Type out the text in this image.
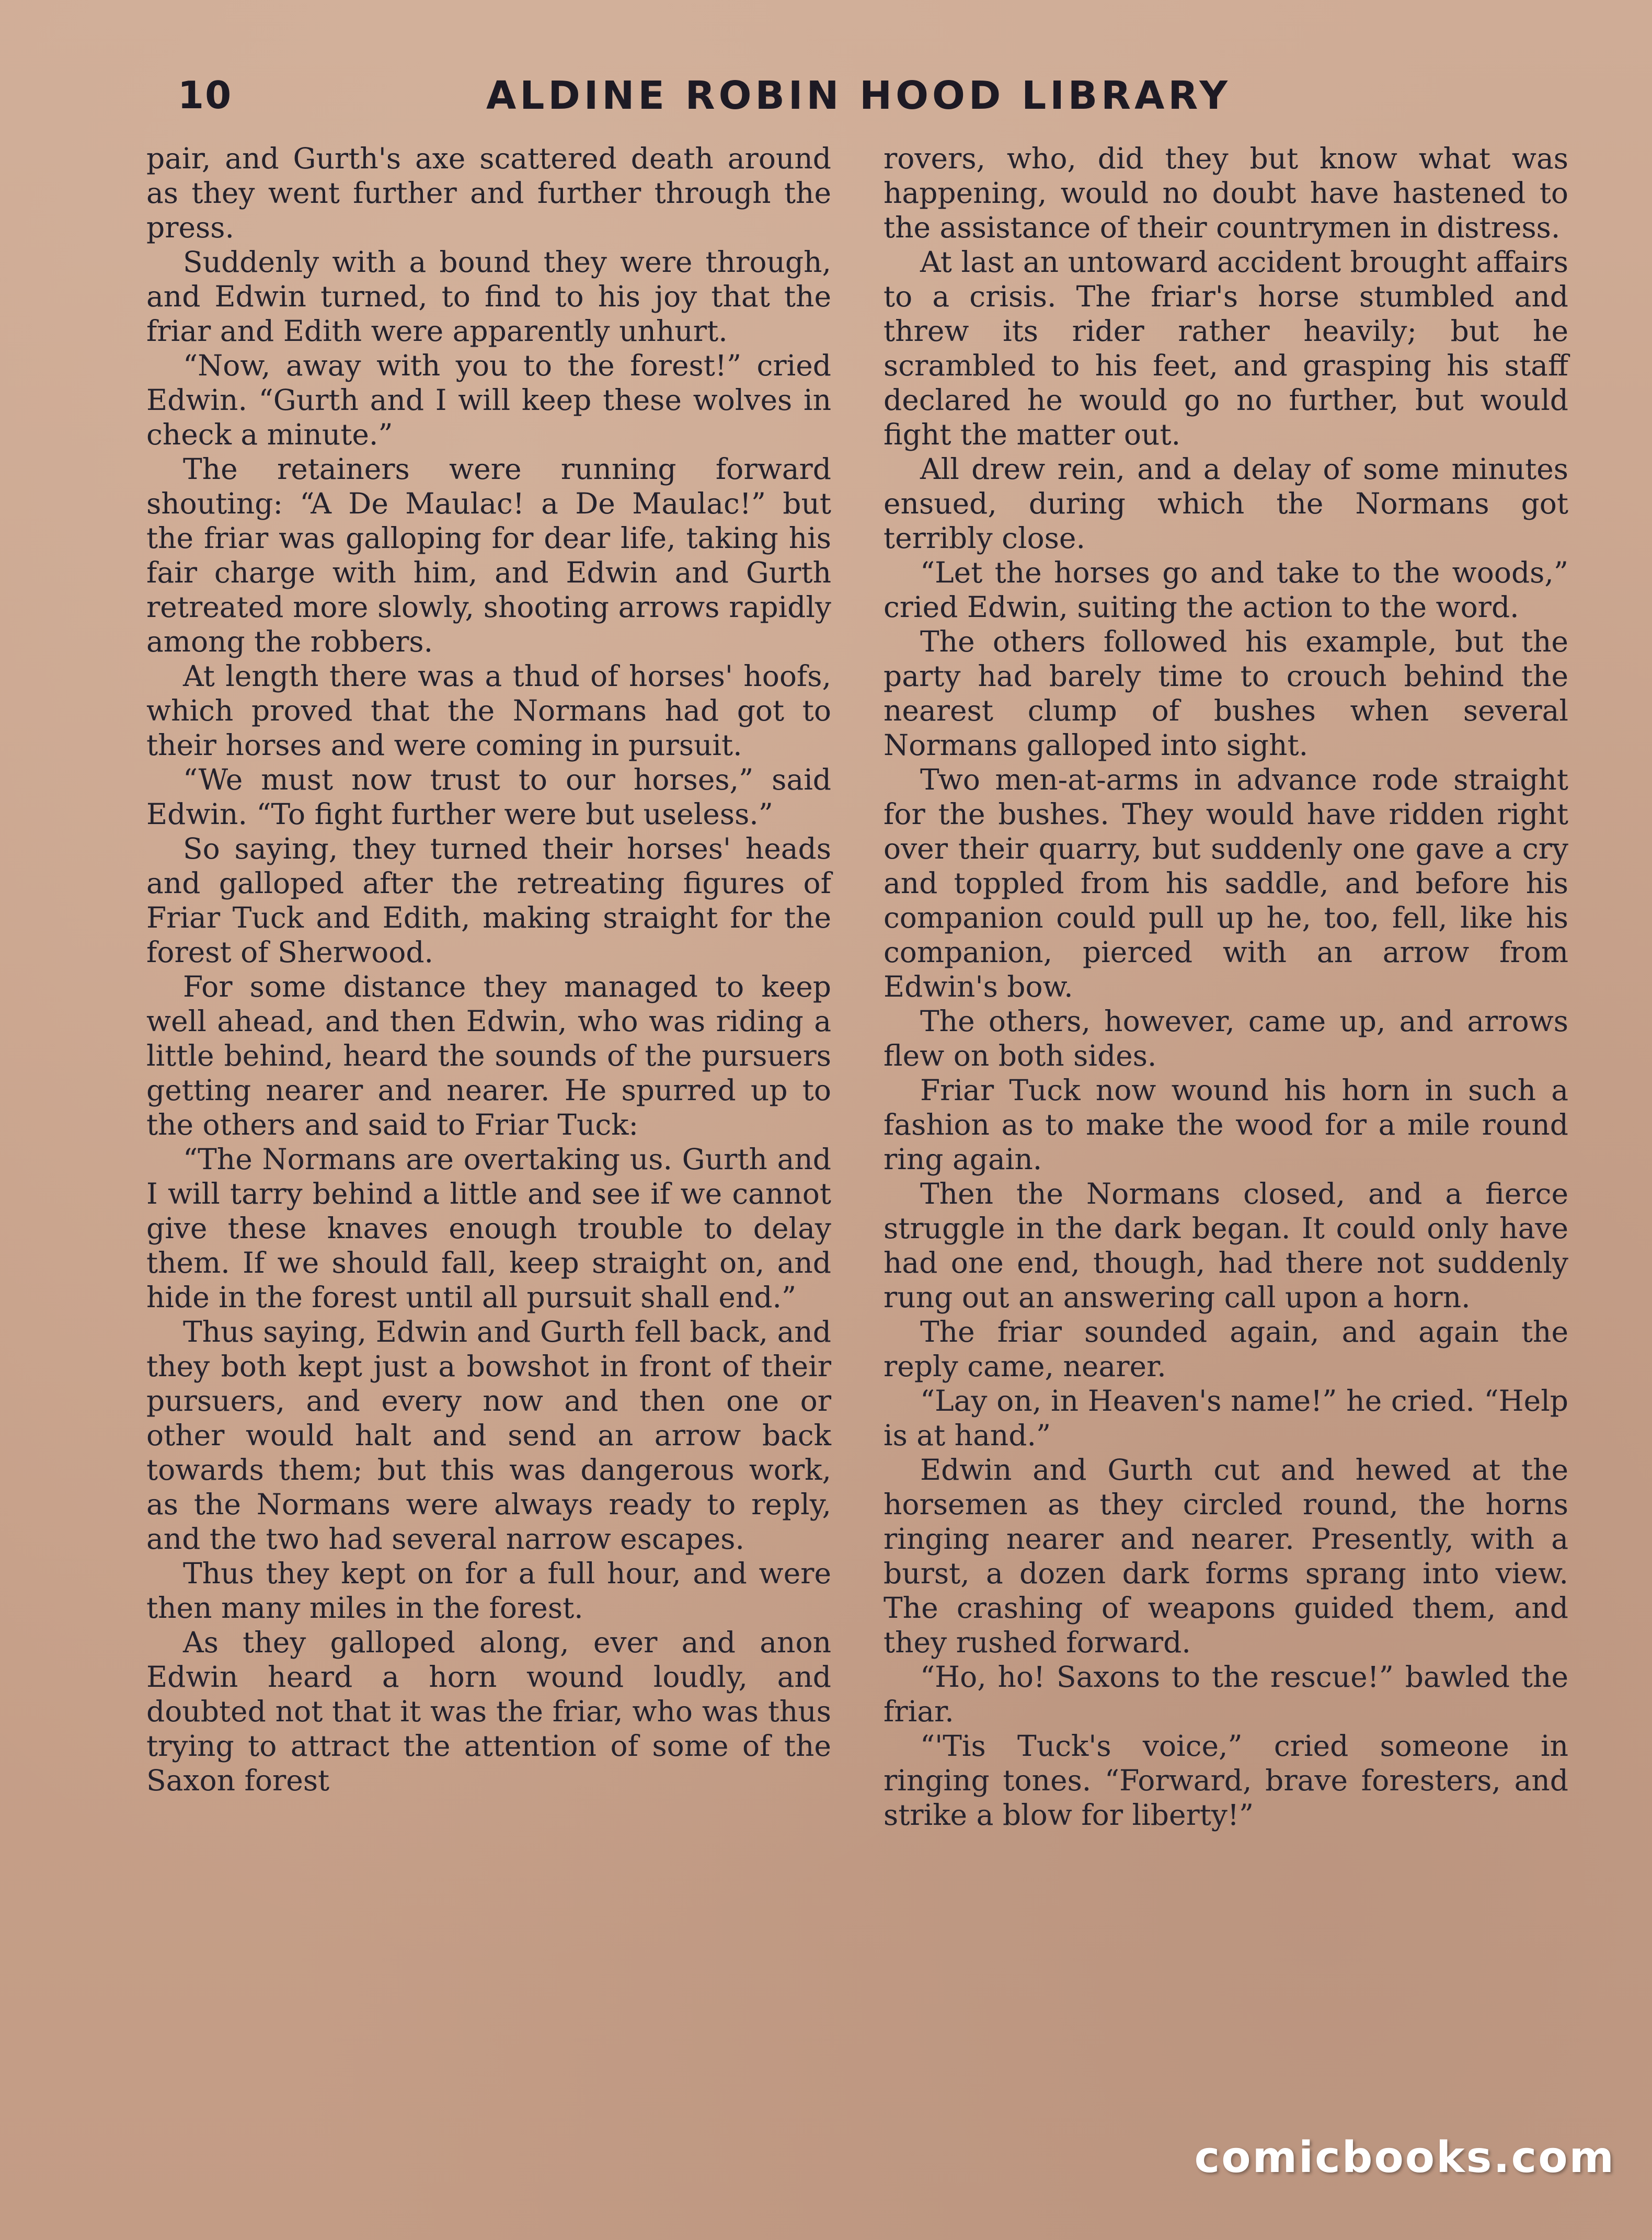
10	ALDINE ROBIN HOOD LIBRARY

pair, and Gurth's axe scattered death around as they went further and further through the press.

Suddenly with a bound they were through, and Edwin turned, to find to his joy that the friar and Edith were apparently unhurt.

“Now, away with you to the forest!” cried Edwin. “Gurth and I will keep these wolves in check a minute.”

The retainers were running forward shouting: “A De Maulac! a De Maulac!” but the friar was galloping for dear life, taking his fair charge with him, and Edwin and Gurth retreated more slowly, shooting arrows rapidly among the robbers.

At length there was a thud of horses' hoofs, which proved that the Normans had got to their horses and were coming in pursuit.

“We must now trust to our horses,” said Edwin. “To fight further were but useless.”

So saying, they turned their horses' heads and galloped after the retreating figures of Friar Tuck and Edith, making straight for the forest of Sherwood.

For some distance they managed to keep well ahead, and then Edwin, who was riding a little behind, heard the sounds of the pursuers getting nearer and nearer. He spurred up to the others and said to Friar Tuck:

“The Normans are overtaking us. Gurth and I will tarry behind a little and see if we cannot give these knaves enough trouble to delay them. If we should fall, keep straight on, and hide in the forest until all pursuit shall end.”

Thus saying, Edwin and Gurth fell back, and they both kept just a bowshot in front of their pursuers, and every now and then one or other would halt and send an arrow back towards them; but this was dangerous work, as the Normans were always ready to reply, and the two had several narrow escapes.

Thus they kept on for a full hour, and were then many miles in the forest.

As they galloped along, ever and anon Edwin heard a horn wound loudly, and doubted not that it was the friar, who was thus trying to attract the attention of some of the Saxon forest

rovers, who, did they but know what was happening, would no doubt have hastened to the assistance of their countrymen in distress.

At last an untoward accident brought affairs to a crisis. The friar's horse stumbled and threw its rider rather heavily; but he scrambled to his feet, and grasping his staff declared he would go no further, but would fight the matter out.

All drew rein, and a delay of some minutes ensued, during which the Normans got terribly close.

“Let the horses go and take to the woods,” cried Edwin, suiting the action to the word.

The others followed his example, but the party had barely time to crouch behind the nearest clump of bushes when several Normans galloped into sight.

Two men-at-arms in advance rode straight for the bushes. They would have ridden right over their quarry, but suddenly one gave a cry and toppled from his saddle, and before his companion could pull up he, too, fell, like his companion, pierced with an arrow from Edwin's bow.

The others, however, came up, and arrows flew on both sides.

Friar Tuck now wound his horn in such a fashion as to make the wood for a mile round ring again.

Then the Normans closed, and a fierce struggle in the dark began. It could only have had one end, though, had there not suddenly rung out an answering call upon a horn.

The friar sounded again, and again the reply came, nearer.

“Lay on, in Heaven's name!” he cried. “Help is at hand.”

Edwin and Gurth cut and hewed at the horsemen as they circled round, the horns ringing nearer and nearer. Presently, with a burst, a dozen dark forms sprang into view. The crashing of weapons guided them, and they rushed forward.

“Ho, ho! Saxons to the rescue!” bawled the friar.

“'Tis Tuck's voice,” cried someone in ringing tones. “Forward, brave foresters, and strike a blow for liberty!”

comicbooks.com
